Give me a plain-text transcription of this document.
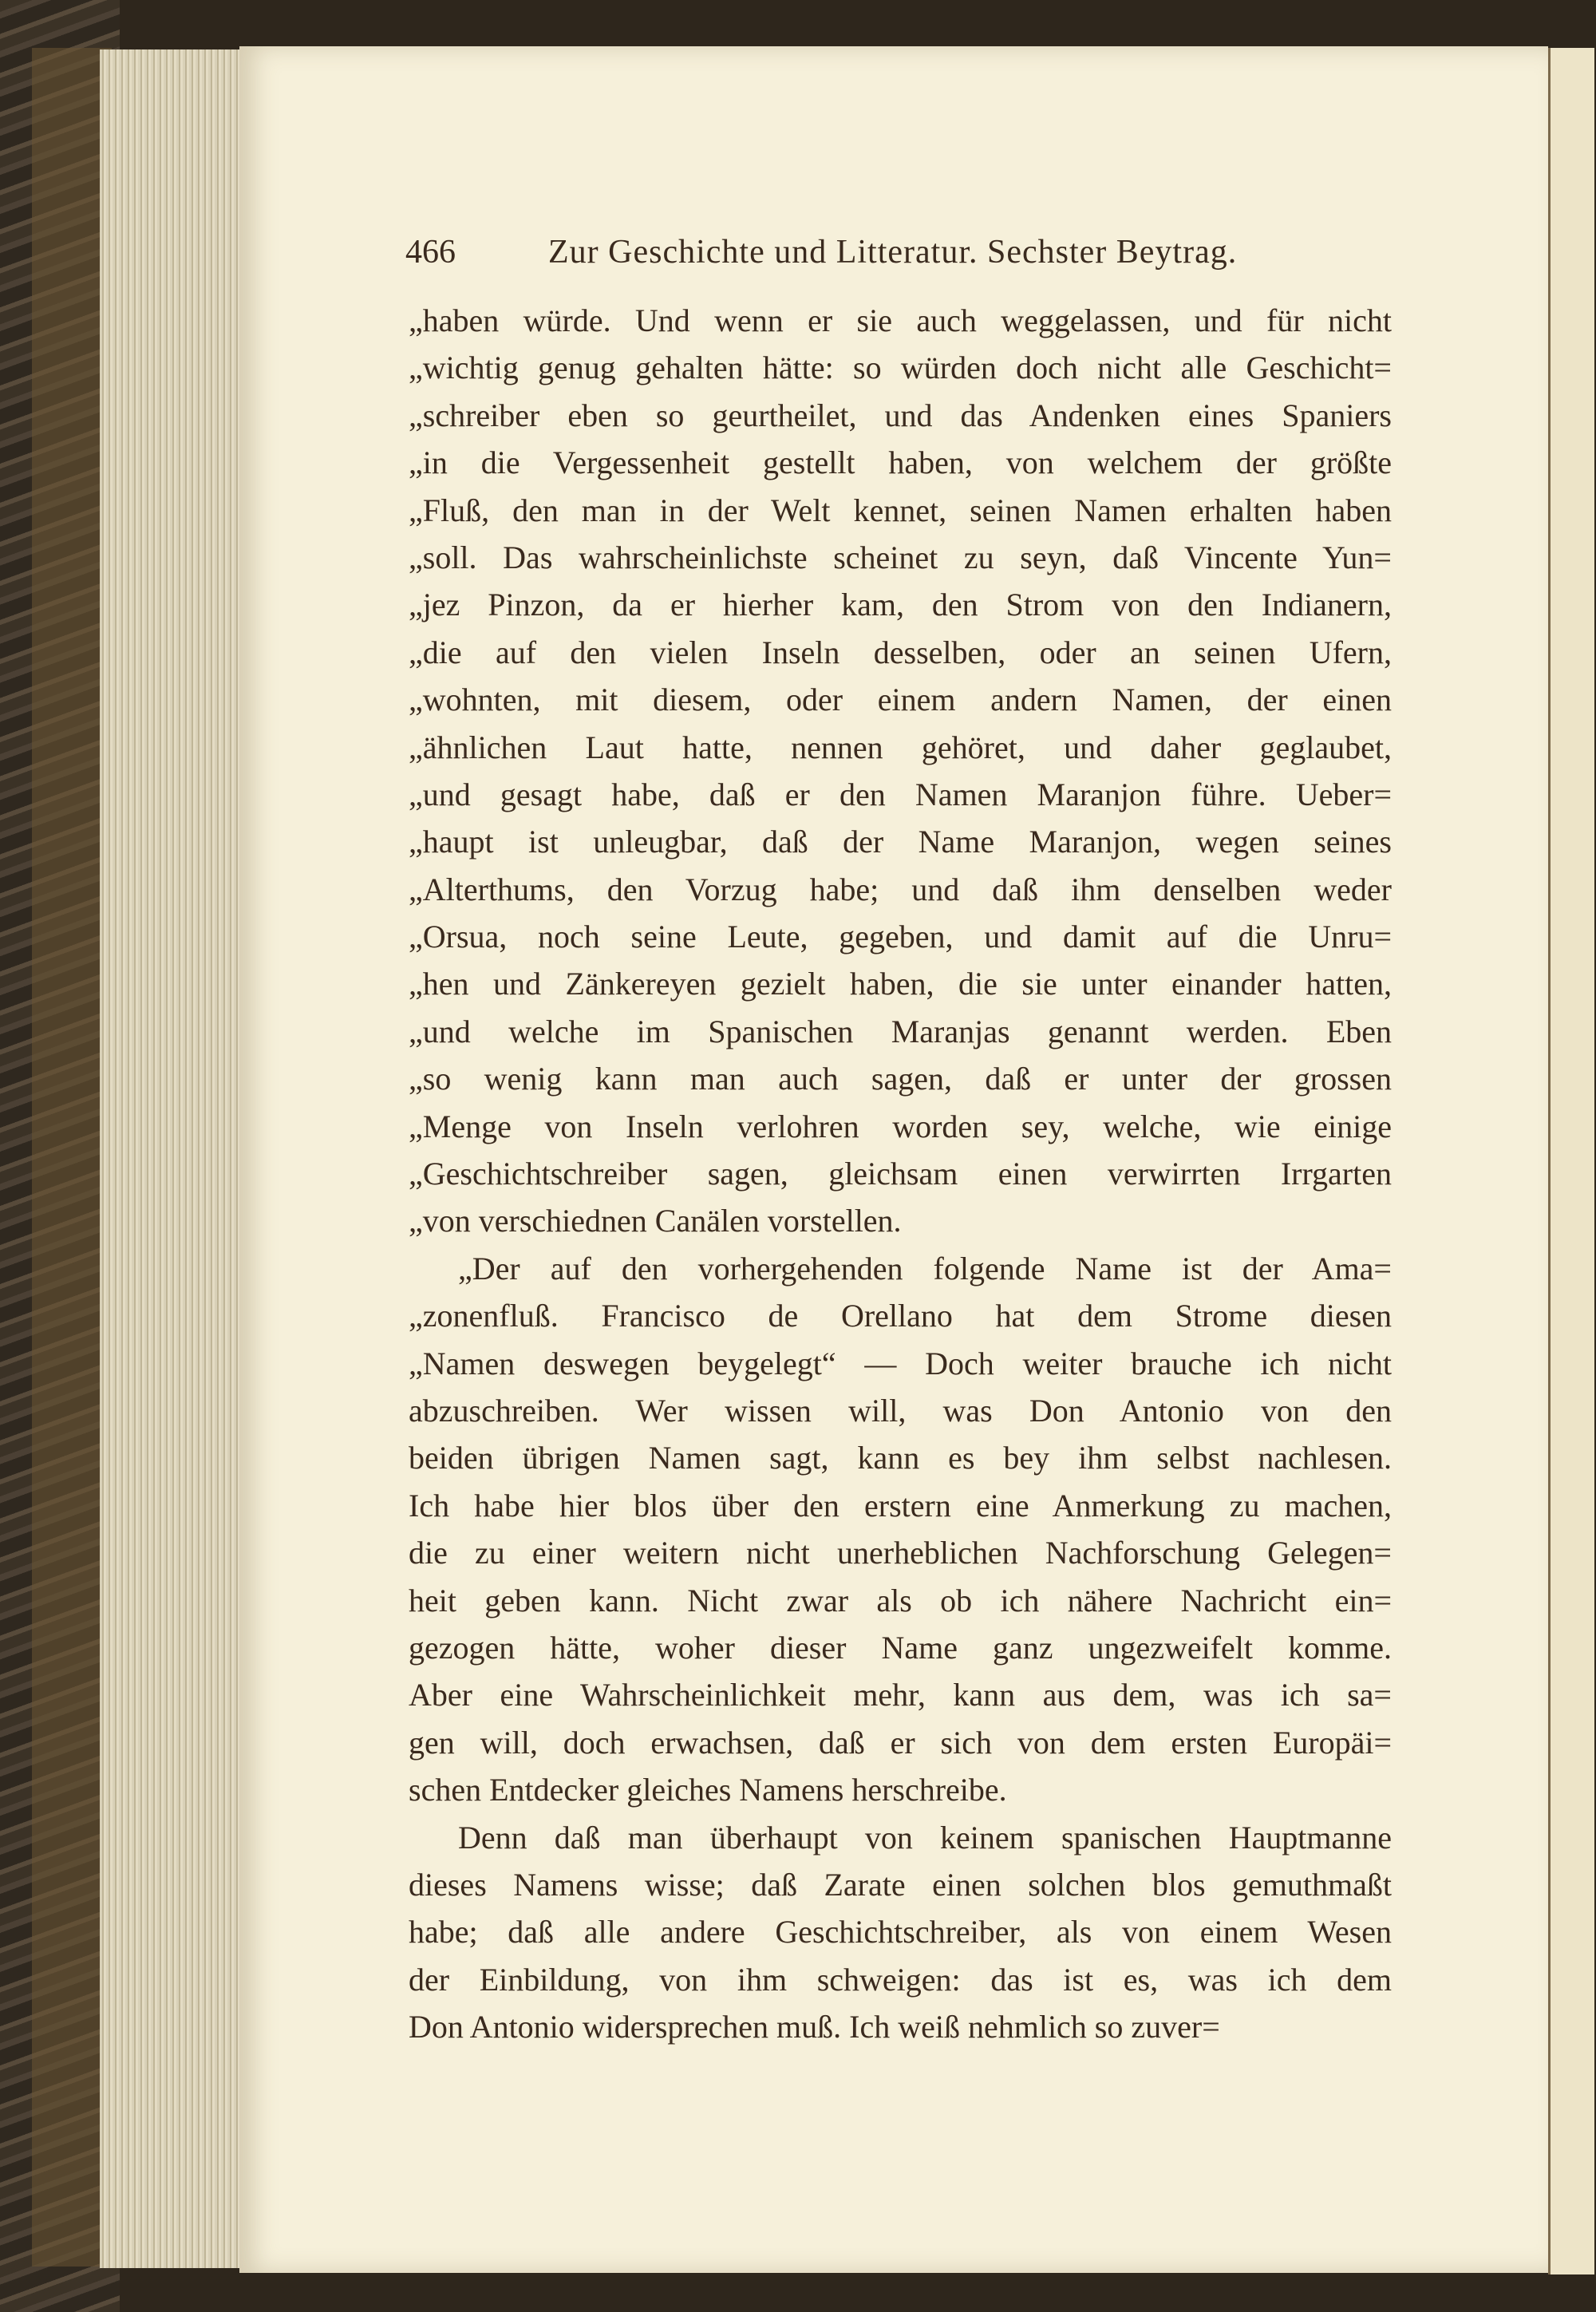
466	Zur Geschichte und Litteratur. Sechster Beytrag.
„haben würde. Und wenn er sie auch weggelassen, und für nicht
„wichtig genug gehalten hätte: so würden doch nicht alle Geschicht=
„schreiber eben so geurtheilet, und das Andenken eines Spaniers
„in die Vergessenheit gestellt haben, von welchem der größte
„Fluß, den man in der Welt kennet, seinen Namen erhalten haben
„soll. Das wahrscheinlichste scheinet zu seyn, daß Vincente Yun=
„jez Pinzon, da er hierher kam, den Strom von den Indianern,
„die auf den vielen Inseln desselben, oder an seinen Ufern,
„wohnten, mit diesem, oder einem andern Namen, der einen
„ähnlichen Laut hatte, nennen gehöret, und daher geglaubet,
„und gesagt habe, daß er den Namen Maranjon führe. Ueber=
„haupt ist unleugbar, daß der Name Maranjon, wegen seines
„Alterthums, den Vorzug habe; und daß ihm denselben weder
„Orsua, noch seine Leute, gegeben, und damit auf die Unru=
„hen und Zänkereyen gezielt haben, die sie unter einander hatten,
„und welche im Spanischen Maranjas genannt werden. Eben
„so wenig kann man auch sagen, daß er unter der grossen
„Menge von Inseln verlohren worden sey, welche, wie einige
„Geschichtschreiber sagen, gleichsam einen verwirrten Irrgarten
„von verschiednen Canälen vorstellen.
„Der auf den vorhergehenden folgende Name ist der Ama=
„zonenfluß. Francisco de Orellano hat dem Strome diesen
„Namen deswegen beygelegt“ — Doch weiter brauche ich nicht
abzuschreiben. Wer wissen will, was Don Antonio von den
beiden übrigen Namen sagt, kann es bey ihm selbst nachlesen.
Ich habe hier blos über den erstern eine Anmerkung zu machen,
die zu einer weitern nicht unerheblichen Nachforschung Gelegen=
heit geben kann. Nicht zwar als ob ich nähere Nachricht ein=
gezogen hätte, woher dieser Name ganz ungezweifelt komme.
Aber eine Wahrscheinlichkeit mehr, kann aus dem, was ich sa=
gen will, doch erwachsen, daß er sich von dem ersten Europäi=
schen Entdecker gleiches Namens herschreibe.
Denn daß man überhaupt von keinem spanischen Hauptmanne
dieses Namens wisse; daß Zarate einen solchen blos gemuthmaßt
habe; daß alle andere Geschichtschreiber, als von einem Wesen
der Einbildung, von ihm schweigen: das ist es, was ich dem
Don Antonio widersprechen muß. Ich weiß nehmlich so zuver=
